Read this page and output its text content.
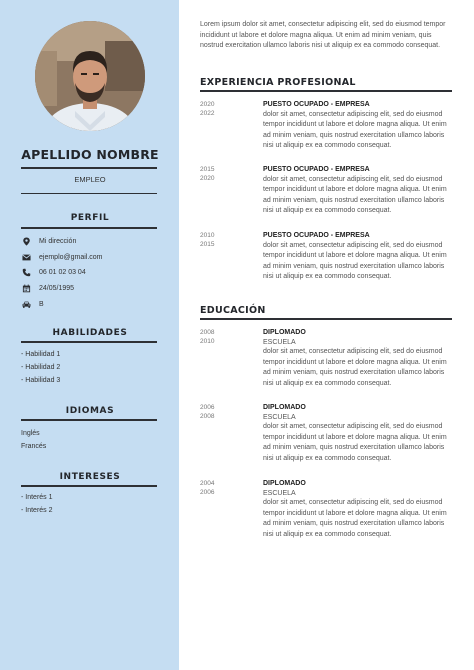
APELLIDO NOMBRE
EMPLEO
PERFIL
Mi dirección
ejemplo@gmail.com
06 01 02 03 04
24/05/1995
B
HABILIDADES
- Habilidad 1
- Habilidad 2
- Habilidad 3
IDIOMAS
Inglés
Francés
INTERESES
- Interés 1
- Interés 2
Lorem ipsum dolor sit amet, consectetur adipiscing elit, sed do eiusmod tempor incididunt ut labore et dolore magna aliqua. Ut enim ad minim veniam, quis nostrud exercitation ullamco laboris nisi ut aliquip ex ea commodo consequat.
EXPERIENCIA PROFESIONAL
2020
2022
PUESTO OCUPADO - EMPRESA
dolor sit amet, consectetur adipiscing elit, sed do eiusmod tempor incididunt ut labore et dolore magna aliqua. Ut enim ad minim veniam, quis nostrud exercitation ullamco laboris nisi ut aliquip ex ea commodo consequat.
2015
2020
PUESTO OCUPADO - EMPRESA
dolor sit amet, consectetur adipiscing elit, sed do eiusmod tempor incididunt ut labore et dolore magna aliqua. Ut enim ad minim veniam, quis nostrud exercitation ullamco laboris nisi ut aliquip ex ea commodo consequat.
2010
2015
PUESTO OCUPADO - EMPRESA
dolor sit amet, consectetur adipiscing elit, sed do eiusmod tempor incididunt ut labore et dolore magna aliqua. Ut enim ad minim veniam, quis nostrud exercitation ullamco laboris nisi ut aliquip ex ea commodo consequat.
EDUCACIÓN
2008
2010
DIPLOMADO
ESCUELA
dolor sit amet, consectetur adipiscing elit, sed do eiusmod tempor incididunt ut labore et dolore magna aliqua. Ut enim ad minim veniam, quis nostrud exercitation ullamco laboris nisi ut aliquip ex ea commodo consequat.
2006
2008
DIPLOMADO
ESCUELA
dolor sit amet, consectetur adipiscing elit, sed do eiusmod tempor incididunt ut labore et dolore magna aliqua. Ut enim ad minim veniam, quis nostrud exercitation ullamco laboris nisi ut aliquip ex ea commodo consequat.
2004
2006
DIPLOMADO
ESCUELA
dolor sit amet, consectetur adipiscing elit, sed do eiusmod tempor incididunt ut labore et dolore magna aliqua. Ut enim ad minim veniam, quis nostrud exercitation ullamco laboris nisi ut aliquip ex ea commodo consequat.
